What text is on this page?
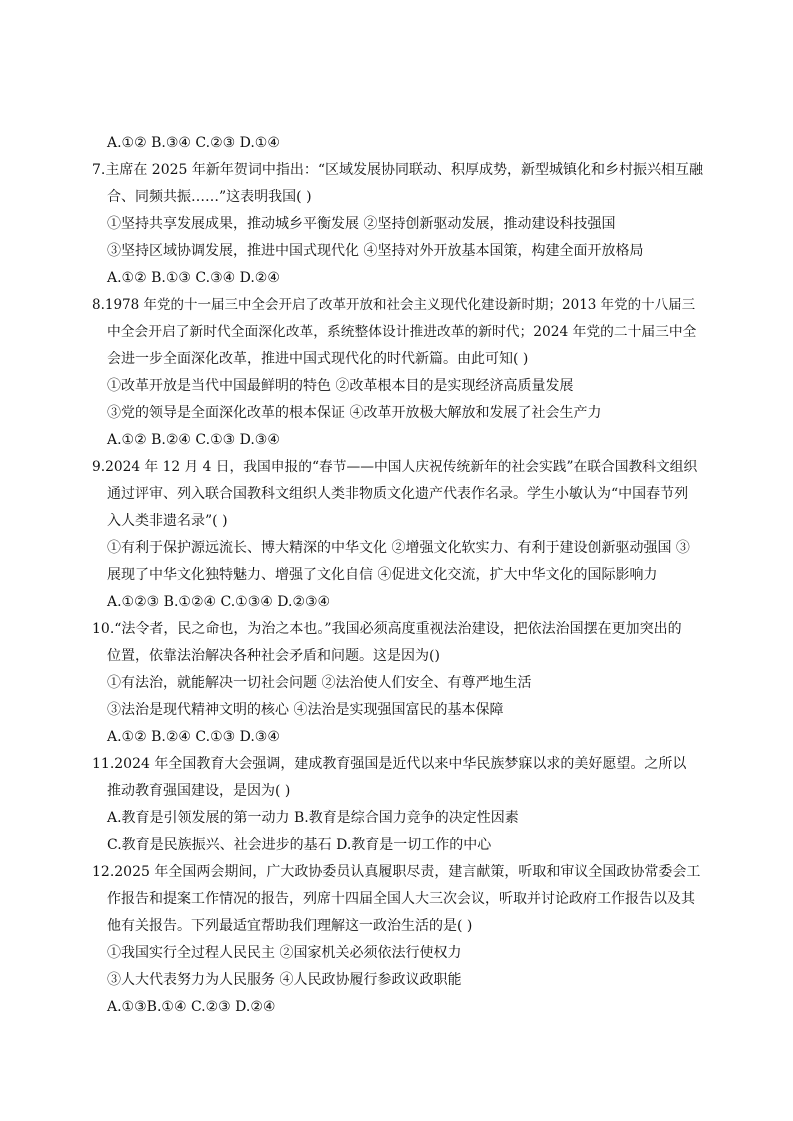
A.①② B.③④ C.②③ D.①④
7.主席在 2025 年新年贺词中指出：“区域发展协同联动、积厚成势，新型城镇化和乡村振兴相互融
合、同频共振……”这表明我国( )
①坚持共享发展成果，推动城乡平衡发展 ②坚持创新驱动发展，推动建设科技强国
③坚持区域协调发展，推进中国式现代化 ④坚持对外开放基本国策，构建全面开放格局
A.①② B.①③ C.③④ D.②④
8.1978 年党的十一届三中全会开启了改革开放和社会主义现代化建设新时期；2013 年党的十八届三
中全会开启了新时代全面深化改革，系统整体设计推进改革的新时代；2024 年党的二十届三中全
会进一步全面深化改革，推进中国式现代化的时代新篇。由此可知( )
①改革开放是当代中国最鲜明的特色 ②改革根本目的是实现经济高质量发展
③党的领导是全面深化改革的根本保证 ④改革开放极大解放和发展了社会生产力
A.①② B.②④ C.①③ D.③④
9.2024 年 12 月 4 日，我国申报的“春节——中国人庆祝传统新年的社会实践”在联合国教科文组织
通过评审、列入联合国教科文组织人类非物质文化遗产代表作名录。学生小敏认为“中国春节列
入人类非遗名录”( )
①有利于保护源远流长、博大精深的中华文化 ②增强文化软实力、有利于建设创新驱动强国 ③
展现了中华文化独特魅力、增强了文化自信 ④促进文化交流，扩大中华文化的国际影响力
A.①②③ B.①②④ C.①③④ D.②③④
10.“法令者，民之命也，为治之本也。”我国必须高度重视法治建设，把依法治国摆在更加突出的
位置，依靠法治解决各种社会矛盾和问题。这是因为()
①有法治，就能解决一切社会问题 ②法治使人们安全、有尊严地生活
③法治是现代精神文明的核心 ④法治是实现强国富民的基本保障
A.①② B.②④ C.①③ D.③④
11.2024 年全国教育大会强调，建成教育强国是近代以来中华民族梦寐以求的美好愿望。之所以
推动教育强国建设，是因为( )
A.教育是引领发展的第一动力 B.教育是综合国力竞争的决定性因素
C.教育是民族振兴、社会进步的基石 D.教育是一切工作的中心
12.2025 年全国两会期间，广大政协委员认真履职尽责，建言献策，听取和审议全国政协常委会工
作报告和提案工作情况的报告，列席十四届全国人大三次会议，听取并讨论政府工作报告以及其
他有关报告。下列最适宜帮助我们理解这一政治生活的是( )
①我国实行全过程人民民主 ②国家机关必须依法行使权力
③人大代表努力为人民服务 ④人民政协履行参政议政职能
A.①③B.①④ C.②③ D.②④
